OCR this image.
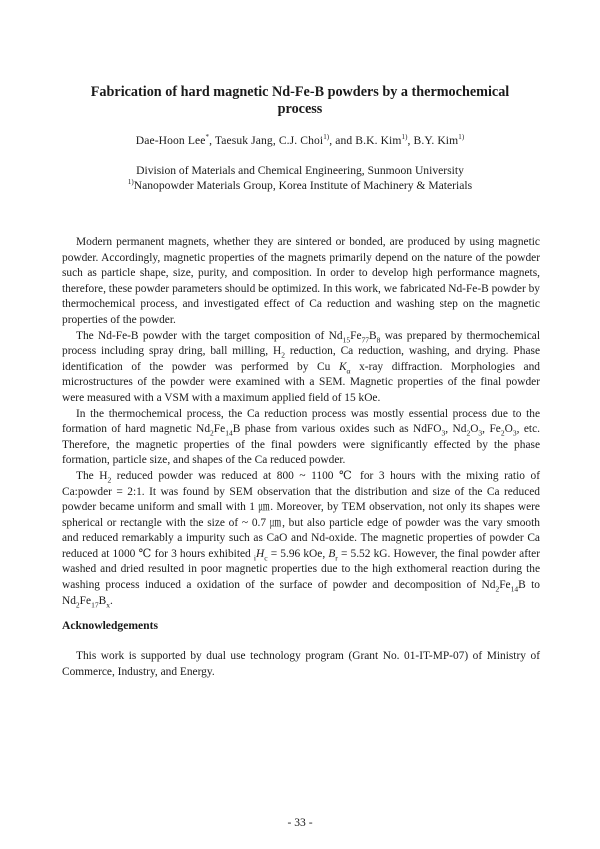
Fabrication of hard magnetic Nd-Fe-B powders by a thermochemical
process

Dae-Hoon Lee*, Taesuk Jang, C.J. Choi$^{1)}$, and B.K. Kim$^{1)}$, B.Y. Kim$^{1)}$

Division of Materials and Chemical Engineering, Sunmoon University

$^{1)}$Nanopowder Materials Group, Korea Institute of Machinery & Materials

Modern permanent magnets, whether they are sintered or bonded, are produced by using magnetic powder. Accordingly, magnetic properties of the magnets primarily depend on the nature of the powder such as particle shape, size, purity, and composition. In order to develop high performance magnets, therefore, these powder parameters should be optimized. In this work, we fabricated Nd-Fe-B powder by thermochemical process, and investigated effect of Ca reduction and washing step on the magnetic properties of the powder.

The Nd-Fe-B powder with the target composition of $Nd_{15}Fe_{77}B_8$ was prepared by thermochemical process including spray dring, ball milling, $H_2$ reduction, Ca reduction, washing, and drying. Phase identification of the powder was performed by Cu $K_\alpha$ x-ray diffraction. Morphologies and microstructures of the powder were examined with a SEM. Magnetic properties of the final powder were measured with a VSM with a maximum applied field of 15 kOe.

In the thermochemical process, the Ca reduction process was mostly essential process due to the formation of hard magnetic $Nd_2Fe_{14}B$ phase from various oxides such as NdFO$_3$, $Nd_2O_3$, $Fe_2O_3$, etc. Therefore, the magnetic properties of the final powders were significantly effected by the phase formation, particle size, and shapes of the Ca reduced powder.

The $H_2$ reduced powder was reduced at 800 ~ 1100 ℃ for 3 hours with the mixing ratio of Ca:powder = 2:1. It was found by SEM observation that the distribution and size of the Ca reduced powder became uniform and small with 1 ㎛. Moreover, by TEM observation, not only its shapes were spherical or rectangle with the size of ~ 0.7 ㎛, but also particle edge of powder was the vary smooth and reduced remarkably a impurity such as CaO and Nd-oxide. The magnetic properties of powder Ca reduced at 1000 ℃ for 3 hours exhibited $_iH_c = 5.96$ kOe, $B_r = 5.52$ kG. However, the final powder after washed and dried resulted in poor magnetic properties due to the high exthomeral reaction during the washing process induced a oxidation of the surface of powder and decomposition of $Nd_2Fe_{14}B$ to $Nd_2Fe_{17}B_x$.

Acknowledgements

This work is supported by dual use technology program (Grant No. 01-IT-MP-07) of Ministry of Commerce, Industry, and Energy.

- 33 -
